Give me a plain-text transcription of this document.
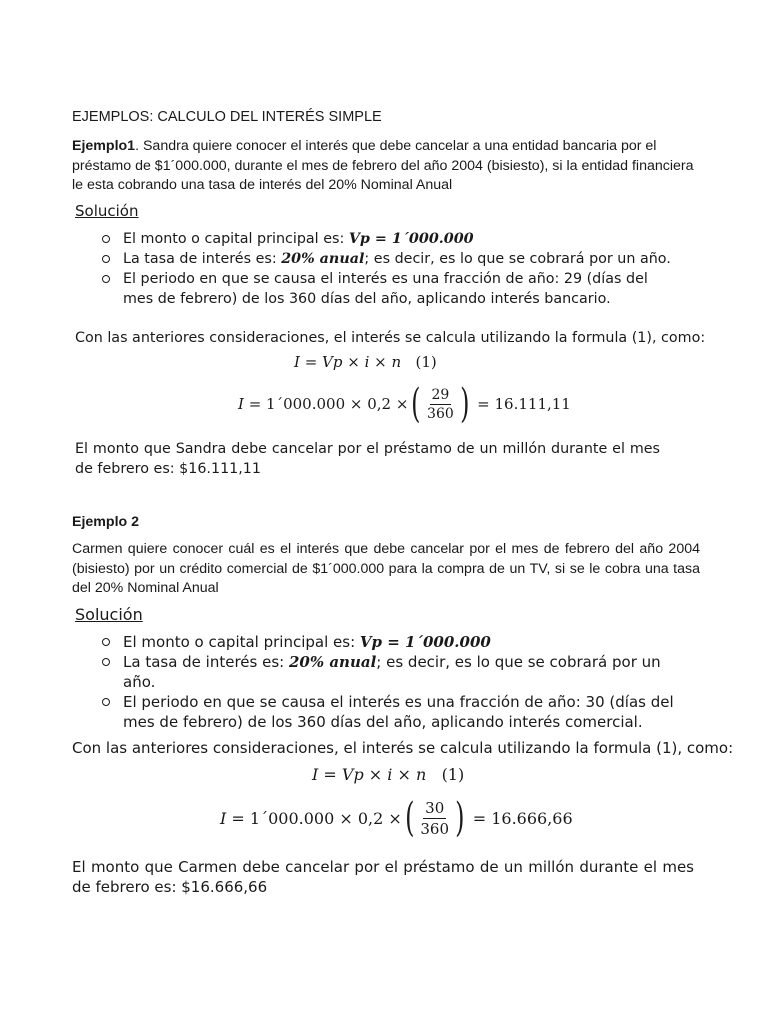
EJEMPLOS: CALCULO DEL INTERÉS SIMPLE
Ejemplo1. Sandra quiere conocer el interés que debe cancelar a una entidad bancaria por el préstamo de $1´000.000, durante el mes de febrero del año 2004 (bisiesto), si la entidad financiera le esta cobrando una tasa de interés del 20% Nominal Anual
Solución
El monto o capital principal es: Vp = 1´000.000
La tasa de interés es: 20% anual; es decir, es lo que se cobrará por un año.
El periodo en que se causa el interés es una fracción de año: 29 (días del mes de febrero) de los 360 días del año, aplicando interés bancario.
Con las anteriores consideraciones, el interés se calcula utilizando la formula (1), como:
I = Vp × i × n (1)
I = 1´000.000 × 0,2 × ( $\frac{29}{360}$ ) = 16.111,11
El monto que Sandra debe cancelar por el préstamo de un millón durante el mes de febrero es: $16.111,11
Ejemplo 2
Carmen quiere conocer cuál es el interés que debe cancelar por el mes de febrero del año 2004 (bisiesto) por un crédito comercial de $1´000.000 para la compra de un TV, si se le cobra una tasa del 20% Nominal Anual
Solución
El monto o capital principal es: Vp = 1´000.000
La tasa de interés es: 20% anual; es decir, es lo que se cobrará por un año.
El periodo en que se causa el interés es una fracción de año: 30 (días del mes de febrero) de los 360 días del año, aplicando interés comercial.
Con las anteriores consideraciones, el interés se calcula utilizando la formula (1), como:
I = Vp × i × n (1)
I = 1´000.000 × 0,2 × ( $\frac{30}{360}$ ) = 16.666,66
El monto que Carmen debe cancelar por el préstamo de un millón durante el mes de febrero es: $16.666,66
